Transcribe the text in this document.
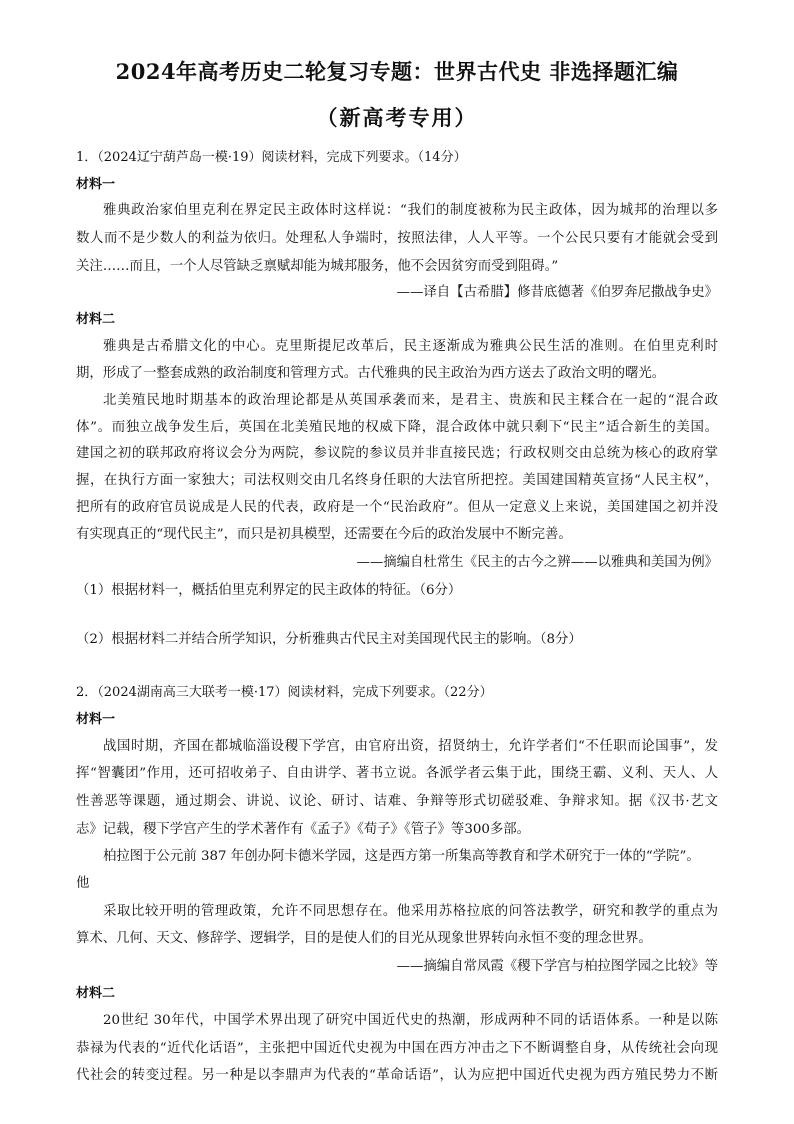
2024年高考历史二轮复习专题：世界古代史 非选择题汇编
（新高考专用）
1．（2024辽宁葫芦岛一模·19）阅读材料，完成下列要求。（14分）
材料一
雅典政治家伯里克利在界定民主政体时这样说：“我们的制度被称为民主政体，因为城邦的治理以多
数人而不是少数人的利益为依归。处理私人争端时，按照法律，人人平等。一个公民只要有才能就会受到
关注……而且，一个人尽管缺乏禀赋却能为城邦服务，他不会因贫穷而受到阻碍。”
——译自【古希腊】修昔底德著《伯罗奔尼撒战争史》
材料二
雅典是古希腊文化的中心。克里斯提尼改革后，民主逐渐成为雅典公民生活的准则。在伯里克利时
期，形成了一整套成熟的政治制度和管理方式。古代雅典的民主政治为西方送去了政治文明的曙光。
北美殖民地时期基本的政治理论都是从英国承袭而来，是君主、贵族和民主糅合在一起的“混合政
体”。而独立战争发生后，英国在北美殖民地的权威下降，混合政体中就只剩下“民主”适合新生的美国。
建国之初的联邦政府将议会分为两院，参议院的参议员并非直接民选；行政权则交由总统为核心的政府掌
握，在执行方面一家独大；司法权则交由几名终身任职的大法官所把控。美国建国精英宣扬“人民主权”，
把所有的政府官员说成是人民的代表，政府是一个“民治政府”。但从一定意义上来说，美国建国之初并没
有实现真正的“现代民主”，而只是初具模型，还需要在今后的政治发展中不断完善。
——摘编自杜常生《民主的古今之辨——以雅典和美国为例》
（1）根据材料一，概括伯里克利界定的民主政体的特征。（6分）
（2）根据材料二并结合所学知识，分析雅典古代民主对美国现代民主的影响。（8分）
2．（2024湖南高三大联考一模·17）阅读材料，完成下列要求。（22分）
材料一
战国时期，齐国在都城临淄设稷下学宫，由官府出资，招贤纳士，允许学者们“不任职而论国事”，发
挥“智囊团”作用，还可招收弟子、自由讲学、著书立说。各派学者云集于此，围绕王霸、义利、天人、人
性善恶等课题，通过期会、讲说、议论、研讨、诘难、争辩等形式切磋驳难、争辩求知。据《汉书·艺文
志》记载，稷下学宫产生的学术著作有《孟子》《荀子》《管子》等300多部。
柏拉图于公元前 387 年创办阿卡德米学园，这是西方第一所集高等教育和学术研究于一体的“学院”。
他
采取比较开明的管理政策，允许不同思想存在。他采用苏格拉底的问答法教学，研究和教学的重点为
算术、几何、天文、修辞学、逻辑学，目的是使人们的目光从现象世界转向永恒不变的理念世界。
——摘编自常凤霞《稷下学宫与柏拉图学园之比较》等
材料二
20世纪 30年代，中国学术界出现了研究中国近代史的热潮，形成两种不同的话语体系。一种是以陈
恭禄为代表的“近代化话语”，主张把中国近代史视为中国在西方冲击之下不断调整自身，从传统社会向现
代社会的转变过程。另一种是以李鼎声为代表的“革命话语”，认为应把中国近代史视为西方殖民势力不断
